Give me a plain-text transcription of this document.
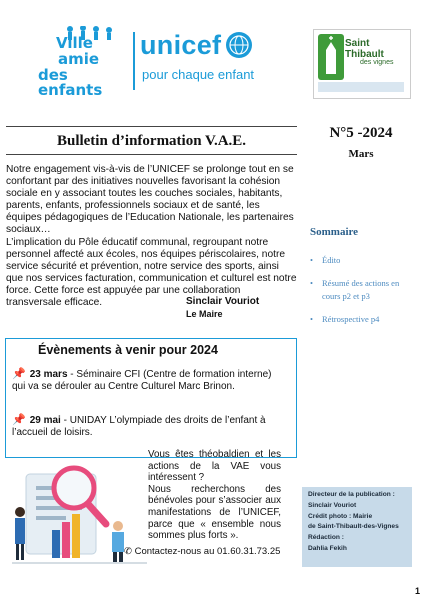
Ville
amie
des enfants
unicef
pour chaque enfant
Saint
Thibault
des vignes
Bulletin d’information V.A.E.	N°5 -2024
Mars

Notre engagement vis-à-vis de l’UNICEF se prolonge tout en se confortant par des initiatives nouvelles favorisant la cohésion sociale en y associant toutes les couches sociales, habitants, parents, enfants, professionnels sociaux et de santé, les équipes pédagogiques de l’Education Nationale, les partenaires sociaux…

L’implication du Pôle éducatif communal, regroupant notre personnel affecté aux écoles, nos équipes périscolaires, notre service sécurité et prévention, notre service des sports, ainsi que nos services facturation, communication et culturel est notre force. Cette force est appuyée par une collaboration transversale efficace.	Sinclair Vouriot
Le Maire
Sommaire
• Édito
• Résumé des actions en cours p2 et p3
• Rétrospective p4
Évènements à venir pour 2024
📌 23 mars - Séminaire CFI (Centre de formation interne) qui va se dérouler au Centre Culturel Marc Brinon.
📌 29 mai - UNIDAY L’olympiade des droits de l’enfant à l’accueil de loisirs.

Vous êtes théobaldien et les actions de la VAE vous intéressent ?

Nous recherchons des bénévoles pour s’associer aux manifestations de l’UNICEF, parce que « ensemble nous sommes plus forts ».

✆ Contactez-nous au 01.60.31.73.25
Directeur de la publication :
Sinclair Vouriot
Crédit photo : Mairie
de Saint-Thibault-des-Vignes
Rédaction :
Dahlia Fekih
1
